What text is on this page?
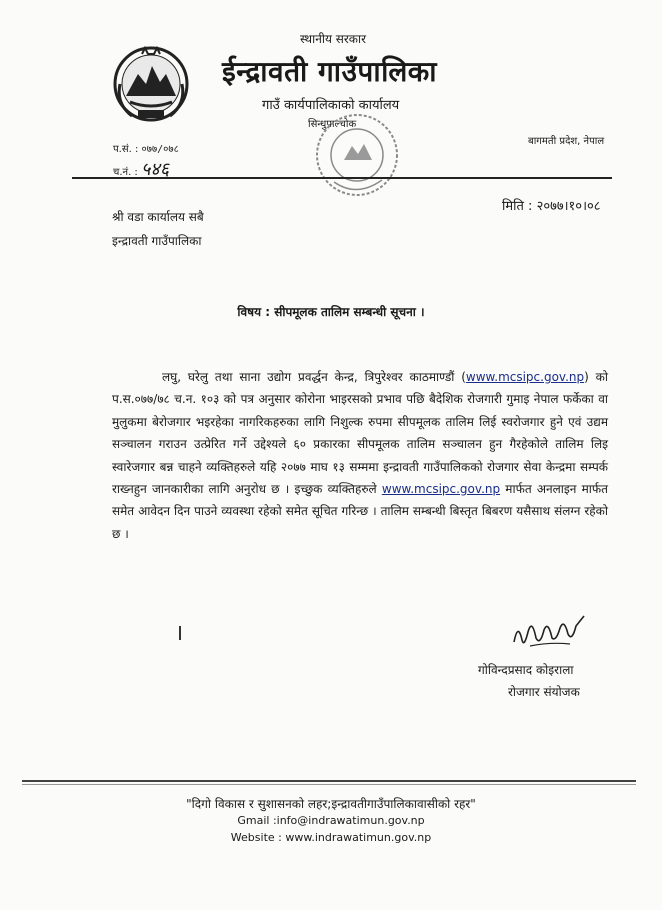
स्थानीय सरकार
ईन्द्रावती गाउँपालिका
गाउँ कार्यपालिकाको कार्यालय
सिन्धुपाल्चोक
बागमती प्रदेश, नेपाल
प.सं. : ०७७/०७८
च.नं. : ५४६
मिति : २०७७।१०।०८
श्री वडा कार्यालय सबै
इन्द्रावती गाउँपालिका
विषय : सीपमूलक तालिम सम्बन्धी सूचना ।
लघु, घरेलु तथा साना उद्योग प्रवर्द्धन केन्द्र, त्रिपुरेश्वर काठमाण्डौं (www.mcsipc.gov.np) को प.स.०७७/७८ च.न. १०३ को पत्र अनुसार कोरोना भाइरसको प्रभाव पछि बैदेशिक रोजगारी गुमाइ नेपाल फर्केका वा मुलुकमा बेरोजगार भइरहेका नागरिकहरुका लागि निशुल्क रुपमा सीपमूलक तालिम लिई स्वरोजगार हुने एवं उद्यम सञ्चालन गराउन उत्प्रेरित गर्ने उद्देश्यले ६० प्रकारका सीपमूलक तालिम सञ्चालन हुन गैरहेकोले तालिम लिइ स्वारेजगार बन्न चाहने व्यक्तिहरुले यहि २०७७ माघ १३ सम्ममा इन्द्रावती गाउँपालिकको रोजगार सेवा केन्द्रमा सम्पर्क राख्नहुन जानकारीका लागि अनुरोध छ । इच्छुक व्यक्तिहरुले www.mcsipc.gov.np मार्फत अनलाइन मार्फत समेत आवेदन दिन पाउने व्यवस्था रहेको समेत सूचित गरिन्छ । तालिम सम्बन्धी बिस्तृत बिबरण यसैसाथ संलग्न रहेको छ ।
गोविन्दप्रसाद कोइराला
रोजगार संयोजक
"दिगो विकास र सुशासनको लहर;इन्द्रावतीगाउँपालिकावासीको रहर"
Gmail :info@indrawatimun.gov.np
Website : www.indrawatimun.gov.np
